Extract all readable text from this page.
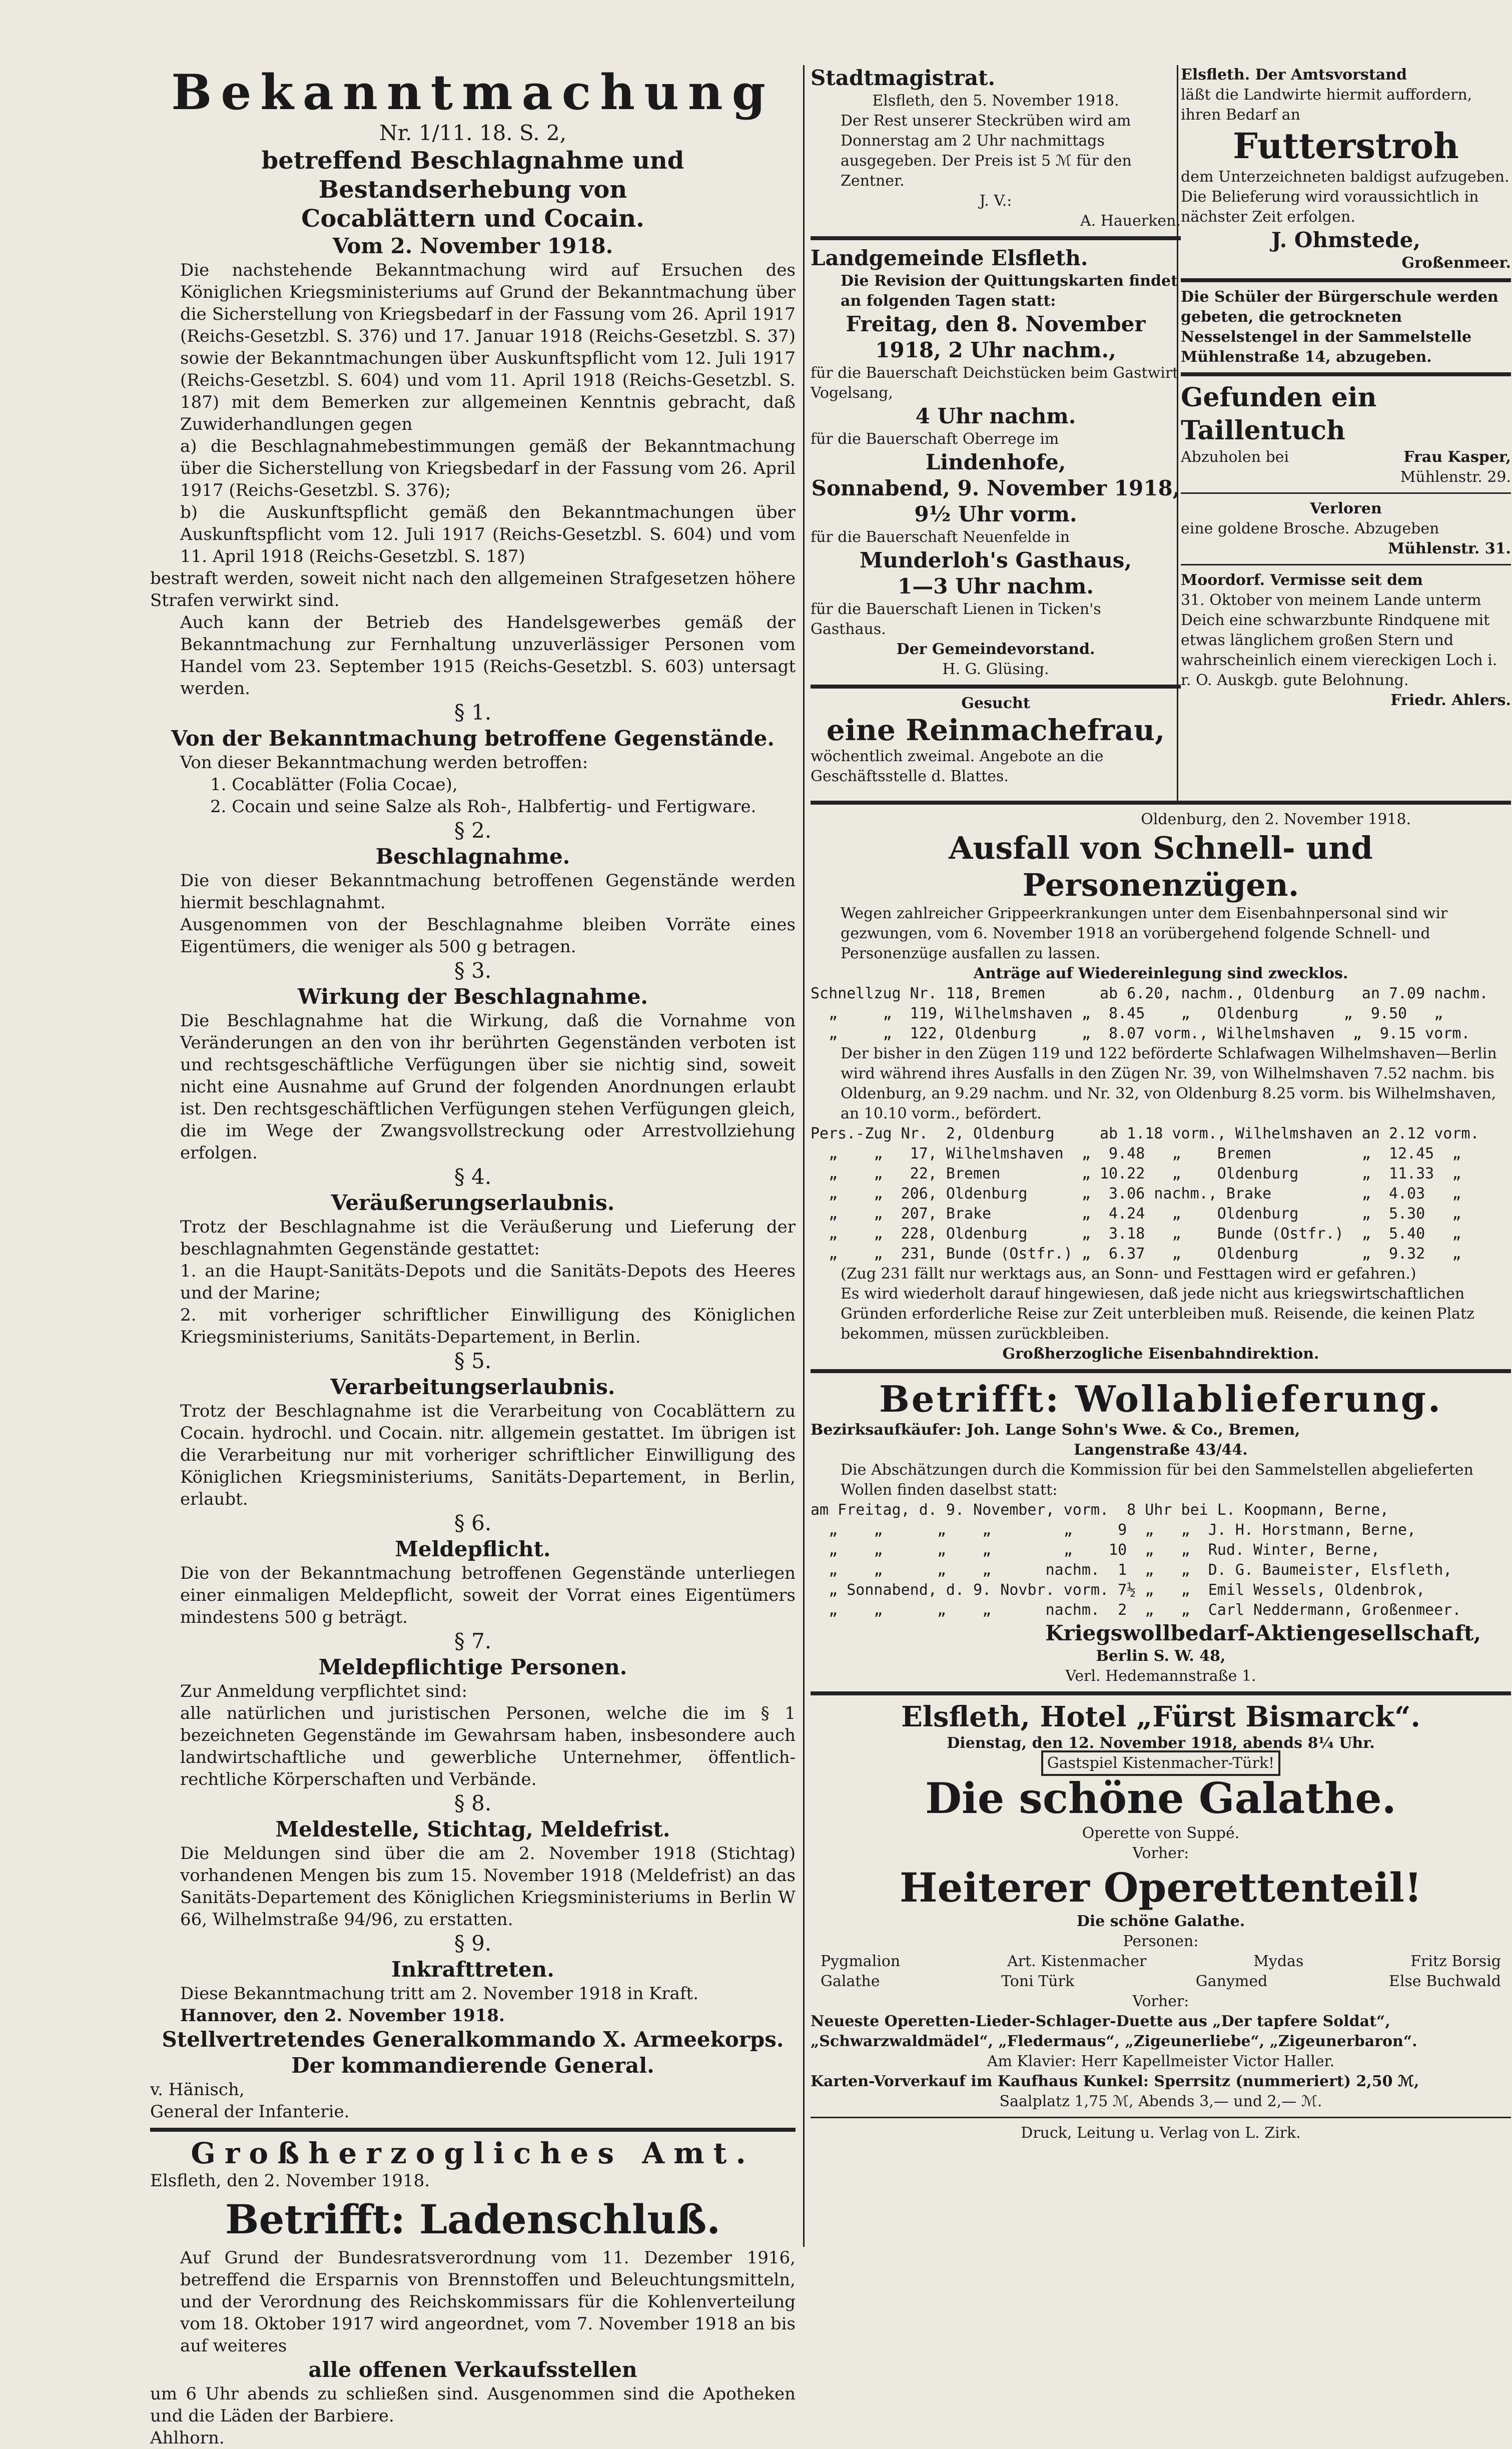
Bekanntmachung
Nr. 1/11. 18. S. 2,
betreffend Beschlagnahme und Bestandserhebung von
Cocablättern und Cocain.
Vom 2. November 1918.

Die nachstehende Bekanntmachung wird auf Ersuchen des Königlichen Kriegsministeriums auf Grund der Bekanntmachung über die Sicherstellung von Kriegsbedarf in der Fassung vom 26. April 1917 (Reichs-Gesetzbl. S. 376) und 17. Januar 1918 (Reichs-Gesetzbl. S. 37) sowie der Bekanntmachungen über Auskunftspflicht vom 12. Juli 1917 (Reichs-Gesetzbl. S. 604) und vom 11. April 1918 (Reichs-Gesetzbl. S. 187) mit dem Bemerken zur allgemeinen Kenntnis gebracht, daß Zuwiderhandlungen gegen

a) die Beschlagnahmebestimmungen gemäß der Bekanntmachung über die Sicherstellung von Kriegsbedarf in der Fassung vom 26. April 1917 (Reichs-Gesetzbl. S. 376);

b) die Auskunftspflicht gemäß den Bekanntmachungen über Auskunftspflicht vom 12. Juli 1917 (Reichs-Gesetzbl. S. 604) und vom 11. April 1918 (Reichs-Gesetzbl. S. 187)

bestraft werden, soweit nicht nach den allgemeinen Strafgesetzen höhere Strafen verwirkt sind.

Auch kann der Betrieb des Handelsgewerbes gemäß der Bekanntmachung zur Fernhaltung unzuverlässiger Personen vom Handel vom 23. September 1915 (Reichs-Gesetzbl. S. 603) untersagt werden.

§ 1.
Von der Bekanntmachung betroffene Gegenstände.

Von dieser Bekanntmachung werden betroffen:

1. Cocablätter (Folia Cocae),

2. Cocain und seine Salze als Roh-, Halbfertig- und Fertigware.

§ 2.
Beschlagnahme.

Die von dieser Bekanntmachung betroffenen Gegenstände werden hiermit beschlagnahmt.

Ausgenommen von der Beschlagnahme bleiben Vorräte eines Eigentümers, die weniger als 500 g betragen.

§ 3.
Wirkung der Beschlagnahme.

Die Beschlagnahme hat die Wirkung, daß die Vornahme von Veränderungen an den von ihr berührten Gegenständen verboten ist und rechtsgeschäftliche Verfügungen über sie nichtig sind, soweit nicht eine Ausnahme auf Grund der folgenden Anordnungen erlaubt ist. Den rechtsgeschäftlichen Verfügungen stehen Verfügungen gleich, die im Wege der Zwangsvollstreckung oder Arrestvollziehung erfolgen.

§ 4.
Veräußerungserlaubnis.

Trotz der Beschlagnahme ist die Veräußerung und Lieferung der beschlagnahmten Gegenstände gestattet:

1. an die Haupt-Sanitäts-Depots und die Sanitäts-Depots des Heeres und der Marine;

2. mit vorheriger schriftlicher Einwilligung des Königlichen Kriegsministeriums, Sanitäts-Departement, in Berlin.

§ 5.
Verarbeitungserlaubnis.

Trotz der Beschlagnahme ist die Verarbeitung von Cocablättern zu Cocain. hydrochl. und Cocain. nitr. allgemein gestattet. Im übrigen ist die Verarbeitung nur mit vorheriger schriftlicher Einwilligung des Königlichen Kriegsministeriums, Sanitäts-Departement, in Berlin, erlaubt.

§ 6.
Meldepflicht.

Die von der Bekanntmachung betroffenen Gegenstände unterliegen einer einmaligen Meldepflicht, soweit der Vorrat eines Eigentümers mindestens 500 g beträgt.

§ 7.
Meldepflichtige Personen.

Zur Anmeldung verpflichtet sind:

alle natürlichen und juristischen Personen, welche die im § 1 bezeichneten Gegenstände im Gewahrsam haben, insbesondere auch landwirtschaftliche und gewerbliche Unternehmer, öffentlich-rechtliche Körperschaften und Verbände.

§ 8.
Meldestelle, Stichtag, Meldefrist.

Die Meldungen sind über die am 2. November 1918 (Stichtag) vorhandenen Mengen bis zum 15. November 1918 (Meldefrist) an das Sanitäts-Departement des Königlichen Kriegsministeriums in Berlin W 66, Wilhelmstraße 94/96, zu erstatten.

§ 9.
Inkrafttreten.

Diese Bekanntmachung tritt am 2. November 1918 in Kraft.

Hannover, den 2. November 1918.

Stellvertretendes Generalkommando X. Armeekorps.
Der kommandierende General.
v. Hänisch,
General der Infanterie.
Großherzogliches Amt.
Elsfleth, den 2. November 1918.
Betrifft: Ladenschluß.

Auf Grund der Bundesratsverordnung vom 11. Dezember 1916, betreffend die Ersparnis von Brennstoffen und Beleuchtungsmitteln, und der Verordnung des Reichskommissars für die Kohlenverteilung vom 18. Oktober 1917 wird angeordnet, vom 7. November 1918 an bis auf weiteres

alle offenen Verkaufsstellen

um 6 Uhr abends zu schließen sind. Ausgenommen sind die Apotheken und die Läden der Barbiere.

Ahlhorn.
Stadtmagistrat.
Elsfleth, den 5. November 1918.

Der Rest unserer Steckrüben wird am Donnerstag am 2 Uhr nachmittags ausgegeben. Der Preis ist 5 ℳ für den Zentner.

J. V.:
A. Hauerken.
Landgemeinde Elsfleth.

Die Revision der Quittungskarten findet an folgenden Tagen statt:

Freitag, den 8. November 1918, 2 Uhr nachm.,

für die Bauerschaft Deichstücken beim Gastwirt Vogelsang,

4 Uhr nachm.

für die Bauerschaft Oberrege im

Lindenhofe,
Sonnabend, 9. November 1918, 9½ Uhr vorm.

für die Bauerschaft Neuenfelde in

Munderloh's Gasthaus,
1—3 Uhr nachm.

für die Bauerschaft Lienen in Ticken's Gasthaus.

Der Gemeindevorstand.
H. G. Glüsing.
Gesucht
eine Reinmachefrau,

wöchentlich zweimal. Angebote an die Geschäftsstelle d. Blattes.

Elsfleth. Der Amtsvorstand

läßt die Landwirte hiermit auffordern, ihren Bedarf an

Futterstroh

dem Unterzeichneten baldigst aufzugeben. Die Belieferung wird voraussichtlich in nächster Zeit erfolgen.

J. Ohmstede,
Großenmeer.

Die Schüler der Bürgerschule werden gebeten, die getrockneten Nesselstengel in der Sammelstelle Mühlenstraße 14, abzugeben.

Gefunden ein Taillentuch
Abzuholen bei	Frau Kasper,
Mühlenstr. 29.
Verloren

eine goldene Brosche. Abzugeben

Mühlenstr. 31.
Moordorf. Vermisse seit dem

31. Oktober von meinem Lande unterm Deich eine schwarzbunte Rindquene mit etwas länglichem großen Stern und wahrscheinlich einem viereckigen Loch i. r. O. Auskgb. gute Belohnung.

Friedr. Ahlers.
Oldenburg, den 2. November 1918.
Ausfall von Schnell- und Personenzügen.

Wegen zahlreicher Grippeerkrankungen unter dem Eisenbahnpersonal sind wir gezwungen, vom 6. November 1918 an vorübergehend folgende Schnell- und Personenzüge ausfallen zu lassen.

Anträge auf Wiedereinlegung sind zwecklos.
Schnellzug Nr. 118, Bremen      ab 6.20, nachm., Oldenburg   an 7.09 nachm.
„     „  119, Wilhelmshaven „  8.45    „   Oldenburg     „  9.50   „
„     „  122, Oldenburg     „  8.07 vorm., Wilhelmshaven  „  9.15 vorm.

Der bisher in den Zügen 119 und 122 beförderte Schlafwagen Wilhelmshaven—Berlin wird während ihres Ausfalls in den Zügen Nr. 39, von Wilhelmshaven 7.52 nachm. bis Oldenburg, an 9.29 nachm. und Nr. 32, von Oldenburg 8.25 vorm. bis Wilhelmshaven, an 10.10 vorm., befördert.

Pers.-Zug Nr.  2, Oldenburg     ab 1.18 vorm., Wilhelmshaven an 2.12 vorm.
„    „   17, Wilhelmshaven  „  9.48   „    Bremen          „  12.45  „
„    „   22, Bremen         „ 10.22   „    Oldenburg       „  11.33  „
„    „  206, Oldenburg      „  3.06 nachm., Brake          „  4.03   „
„    „  207, Brake          „  4.24   „    Oldenburg       „  5.30   „
„    „  228, Oldenburg      „  3.18   „    Bunde (Ostfr.)  „  5.40   „
„    „  231, Bunde (Ostfr.) „  6.37   „    Oldenburg       „  9.32   „

(Zug 231 fällt nur werktags aus, an Sonn- und Festtagen wird er gefahren.)

Es wird wiederholt darauf hingewiesen, daß jede nicht aus kriegswirtschaftlichen Gründen erforderliche Reise zur Zeit unterbleiben muß. Reisende, die keinen Platz bekommen, müssen zurückbleiben.

Großherzogliche Eisenbahndirektion.
Betrifft: Wollablieferung.
Bezirksaufkäufer: Joh. Lange Sohn's Wwe. & Co., Bremen,
Langenstraße 43/44.

Die Abschätzungen durch die Kommission für bei den Sammelstellen abgelieferten Wollen finden daselbst statt:

am Freitag, d. 9. November, vorm.  8 Uhr bei L. Koopmann, Berne,
„    „      „    „        „     9  „   „  J. H. Horstmann, Berne,
„    „      „    „        „    10  „   „  Rud. Winter, Berne,
„    „      „    „      nachm.  1  „   „  D. G. Baumeister, Elsfleth,
„ Sonnabend, d. 9. Novbr. vorm. 7½ „   „  Emil Wessels, Oldenbrok,
„    „      „    „      nachm.  2  „   „  Carl Neddermann, Großenmeer.
Kriegswollbedarf-Aktiengesellschaft,
Berlin S. W. 48,
Verl. Hedemannstraße 1.
Elsfleth, Hotel „Fürst Bismarck“.
Dienstag, den 12. November 1918, abends 8¼ Uhr.
Gastspiel Kistenmacher-Türk!
Die schöne Galathe.
Operette von Suppé.
Vorher:
Heiterer Operettenteil!
Die schöne Galathe.
Personen:
Pygmalion	Art. Kistenmacher	Mydas	Fritz Borsig
Galathe	Toni Türk	Ganymed	Else Buchwald
Vorher:

Neueste Operetten-Lieder-Schlager-Duette aus „Der tapfere Soldat“, „Schwarzwaldmädel“, „Fledermaus“, „Zigeunerliebe“, „Zigeunerbaron“.

Am Klavier: Herr Kapellmeister Victor Haller.
Karten-Vorverkauf im Kaufhaus Kunkel: Sperrsitz (nummeriert) 2,50 ℳ,
Saalplatz 1,75 ℳ, Abends 3,— und 2,— ℳ.
Druck, Leitung u. Verlag von L. Zirk.
